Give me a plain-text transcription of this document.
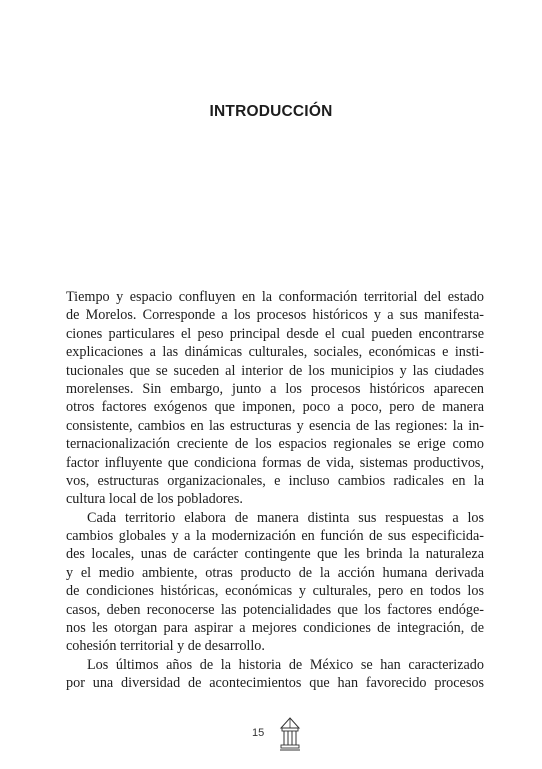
INTRODUCCIÓN

Tiempo y espacio confluyen en la conformación territorial del estado
de Morelos. Corresponde a los procesos históricos y a sus manifesta-
ciones particulares el peso principal desde el cual pueden encontrarse
explicaciones a las dinámicas culturales, sociales, económicas e insti-
tucionales que se suceden al interior de los municipios y las ciudades
morelenses. Sin embargo, junto a los procesos históricos aparecen
otros factores exógenos que imponen, poco a poco, pero de manera
consistente, cambios en las estructuras y esencia de las regiones: la in-
ternacionalización creciente de los espacios regionales se erige como
factor influyente que condiciona formas de vida, sistemas productivos,
vos, estructuras organizacionales, e incluso cambios radicales en la
cultura local de los pobladores.

Cada territorio elabora de manera distinta sus respuestas a los
cambios globales y a la modernización en función de sus especificida-
des locales, unas de carácter contingente que les brinda la naturaleza
y el medio ambiente, otras producto de la acción humana derivada
de condiciones históricas, económicas y culturales, pero en todos los
casos, deben reconocerse las potencialidades que los factores endóge-
nos les otorgan para aspirar a mejores condiciones de integración, de
cohesión territorial y de desarrollo.

Los últimos años de la historia de México se han caracterizado
por una diversidad de acontecimientos que han favorecido procesos

15
